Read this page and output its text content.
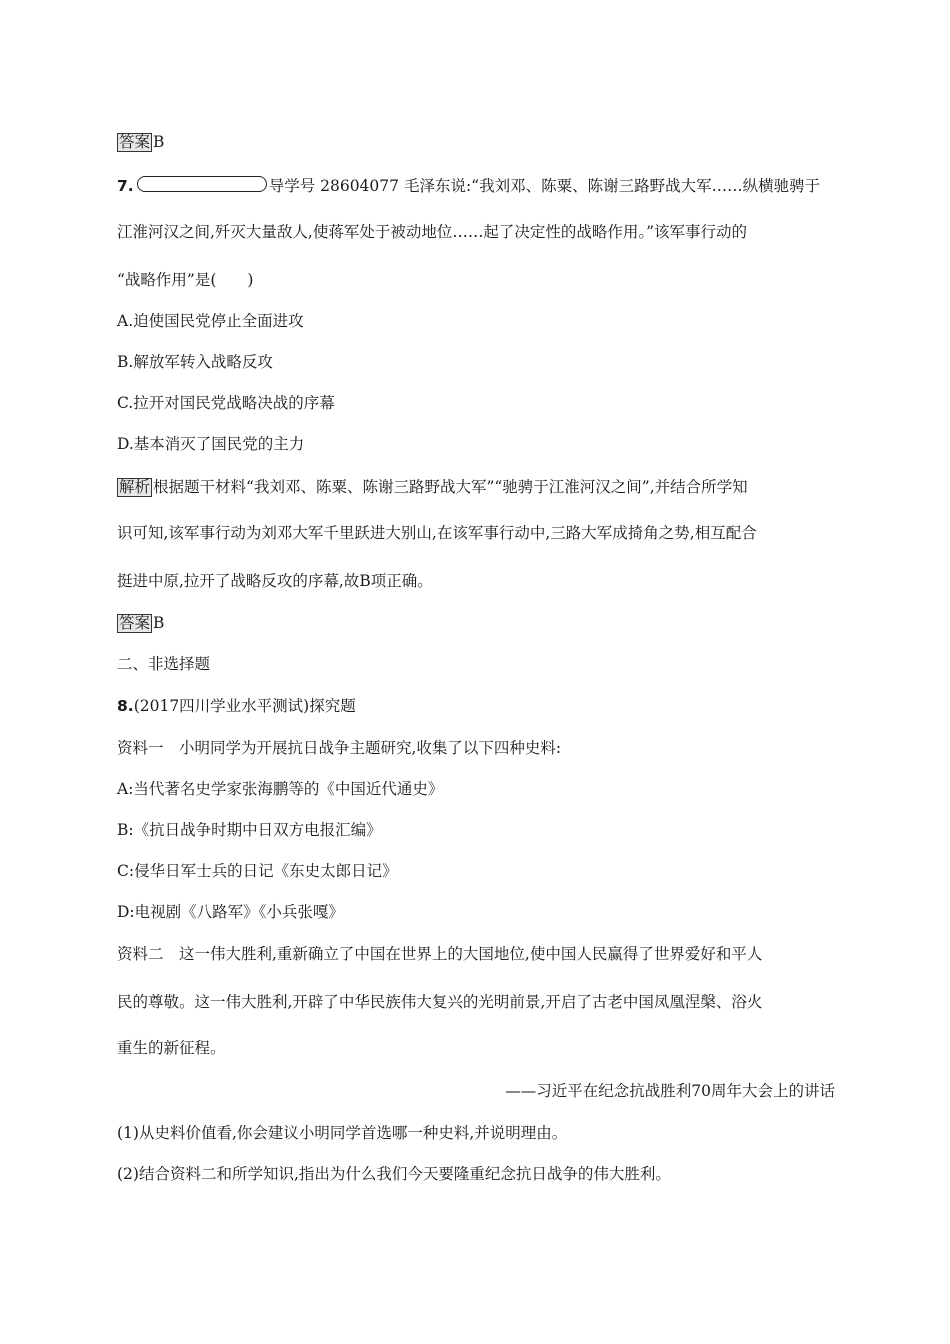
答案 B
7.	导学号 28604077 毛泽东说:“我刘邓、陈粟、陈谢三路野战大军……纵横驰骋于
江淮河汉之间,歼灭大量敌人,使蒋军处于被动地位……起了决定性的战略作用。”该军事行动的
“战略作用”是(　　)
A.迫使国民党停止全面进攻
B.解放军转入战略反攻
C.拉开对国民党战略决战的序幕
D.基本消灭了国民党的主力
解析 根据题干材料“我刘邓、陈粟、陈谢三路野战大军”“驰骋于江淮河汉之间”,并结合所学知
识可知,该军事行动为刘邓大军千里跃进大别山,在该军事行动中,三路大军成掎角之势,相互配合
挺进中原,拉开了战略反攻的序幕,故B项正确。
答案 B
二、非选择题
8.(2017四川学业水平测试)探究题
资料一　小明同学为开展抗日战争主题研究,收集了以下四种史料:
A:当代著名史学家张海鹏等的《中国近代通史》
B:《抗日战争时期中日双方电报汇编》
C:侵华日军士兵的日记《东史太郎日记》
D:电视剧《八路军》《小兵张嘎》
资料二　这一伟大胜利,重新确立了中国在世界上的大国地位,使中国人民赢得了世界爱好和平人
民的尊敬。这一伟大胜利,开辟了中华民族伟大复兴的光明前景,开启了古老中国凤凰涅槃、浴火
重生的新征程。
——习近平在纪念抗战胜利70周年大会上的讲话
(1)从史料价值看,你会建议小明同学首选哪一种史料,并说明理由。
(2)结合资料二和所学知识,指出为什么我们今天要隆重纪念抗日战争的伟大胜利。
